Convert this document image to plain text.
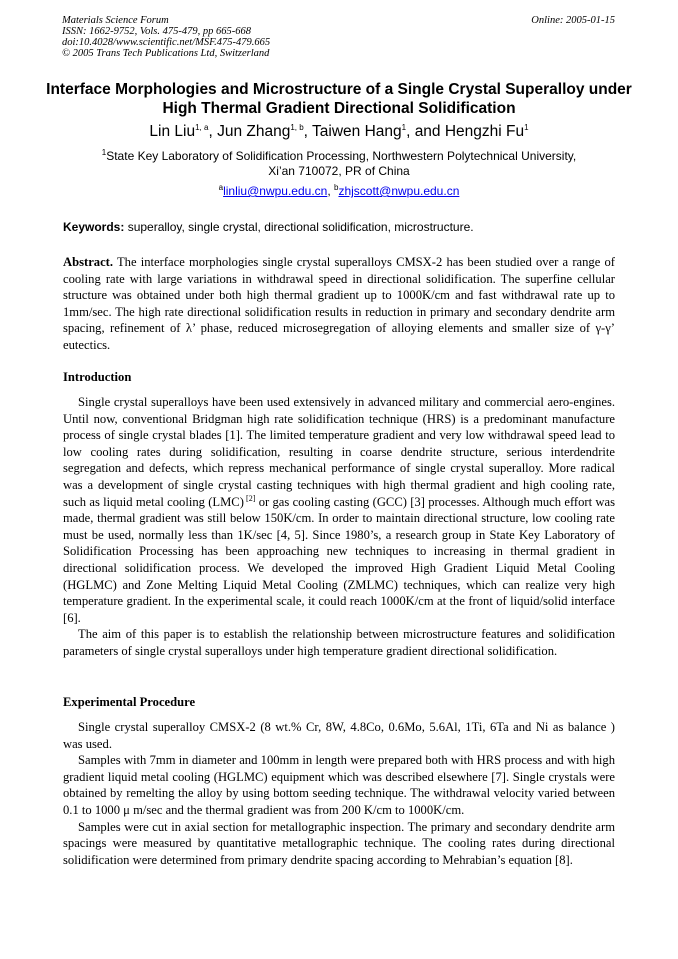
Materials Science Forum
ISSN: 1662-9752, Vols. 475-479, pp 665-668
doi:10.4028/www.scientific.net/MSF.475-479.665
© 2005 Trans Tech Publications Ltd, Switzerland
Online: 2005-01-15
Interface Morphologies and Microstructure of a Single Crystal Superalloy under High Thermal Gradient Directional Solidification
Lin Liu$^{1, a}$, Jun Zhang$^{1, b}$, Taiwen Hang$^1$, and Hengzhi Fu$^1$
$^1$State Key Laboratory of Solidification Processing, Northwestern Polytechnical University,
Xi’an 710072, PR of China
$^a$linliu@nwpu.edu.cn, $^b$zhjscott@nwpu.edu.cn
Keywords: superalloy, single crystal, directional solidification, microstructure.
Abstract. The interface morphologies single crystal superalloys CMSX-2 has been studied over a range of cooling rate with large variations in withdrawal speed in directional solidification. The superfine cellular structure was obtained under both high thermal gradient up to 1000K/cm and fast withdrawal rate up to 1mm/sec. The high rate directional solidification results in reduction in primary and secondary dendrite arm spacing, refinement of λ’ phase, reduced microsegregation of alloying elements and smaller size of γ-γ’ eutectics.
Introduction

Single crystal superalloys have been used extensively in advanced military and commercial aero-engines. Until now, conventional Bridgman high rate solidification technique (HRS) is a predominant manufacture process of single crystal blades [1]. The limited temperature gradient and very low withdrawal speed lead to low cooling rates during solidification, resulting in coarse dendrite structure, serious interdendrite segregation and defects, which repress mechanical performance of single crystal superalloy. More radical was a development of single crystal casting techniques with high thermal gradient and high cooling rate, such as liquid metal cooling (LMC) [2] or gas cooling casting (GCC) [3] processes. Although much effort was made, thermal gradient was still below 150K/cm. In order to maintain directional structure, low cooling rate must be used, normally less than 1K/sec [4, 5]. Since 1980’s, a research group in State Key Laboratory of Solidification Processing has been approaching new techniques to increasing in thermal gradient in directional solidification process. We developed the improved High Gradient Liquid Metal Cooling (HGLMC) and Zone Melting Liquid Metal Cooling (ZMLMC) techniques, which can realize very high temperature gradient. In the experimental scale, it could reach 1000K/cm at the front of liquid/solid interface [6].

The aim of this paper is to establish the relationship between microstructure features and solidification parameters of single crystal superalloys under high temperature gradient directional solidification.

Experimental Procedure

Single crystal superalloy CMSX-2 (8 wt.% Cr, 8W, 4.8Co, 0.6Mo, 5.6Al, 1Ti, 6Ta and Ni as balance ) was used.

Samples with 7mm in diameter and 100mm in length were prepared both with HRS process and with high gradient liquid metal cooling (HGLMC) equipment which was described elsewhere [7]. Single crystals were obtained by remelting the alloy by using bottom seeding technique. The withdrawal velocity varied between 0.1 to 1000 μ m/sec and the thermal gradient was from 200 K/cm to 1000K/cm.

Samples were cut in axial section for metallographic inspection. The primary and secondary dendrite arm spacings were measured by quantitative metallographic technique. The cooling rates during directional solidification were determined from primary dendrite spacing according to Mehrabian’s equation [8].
